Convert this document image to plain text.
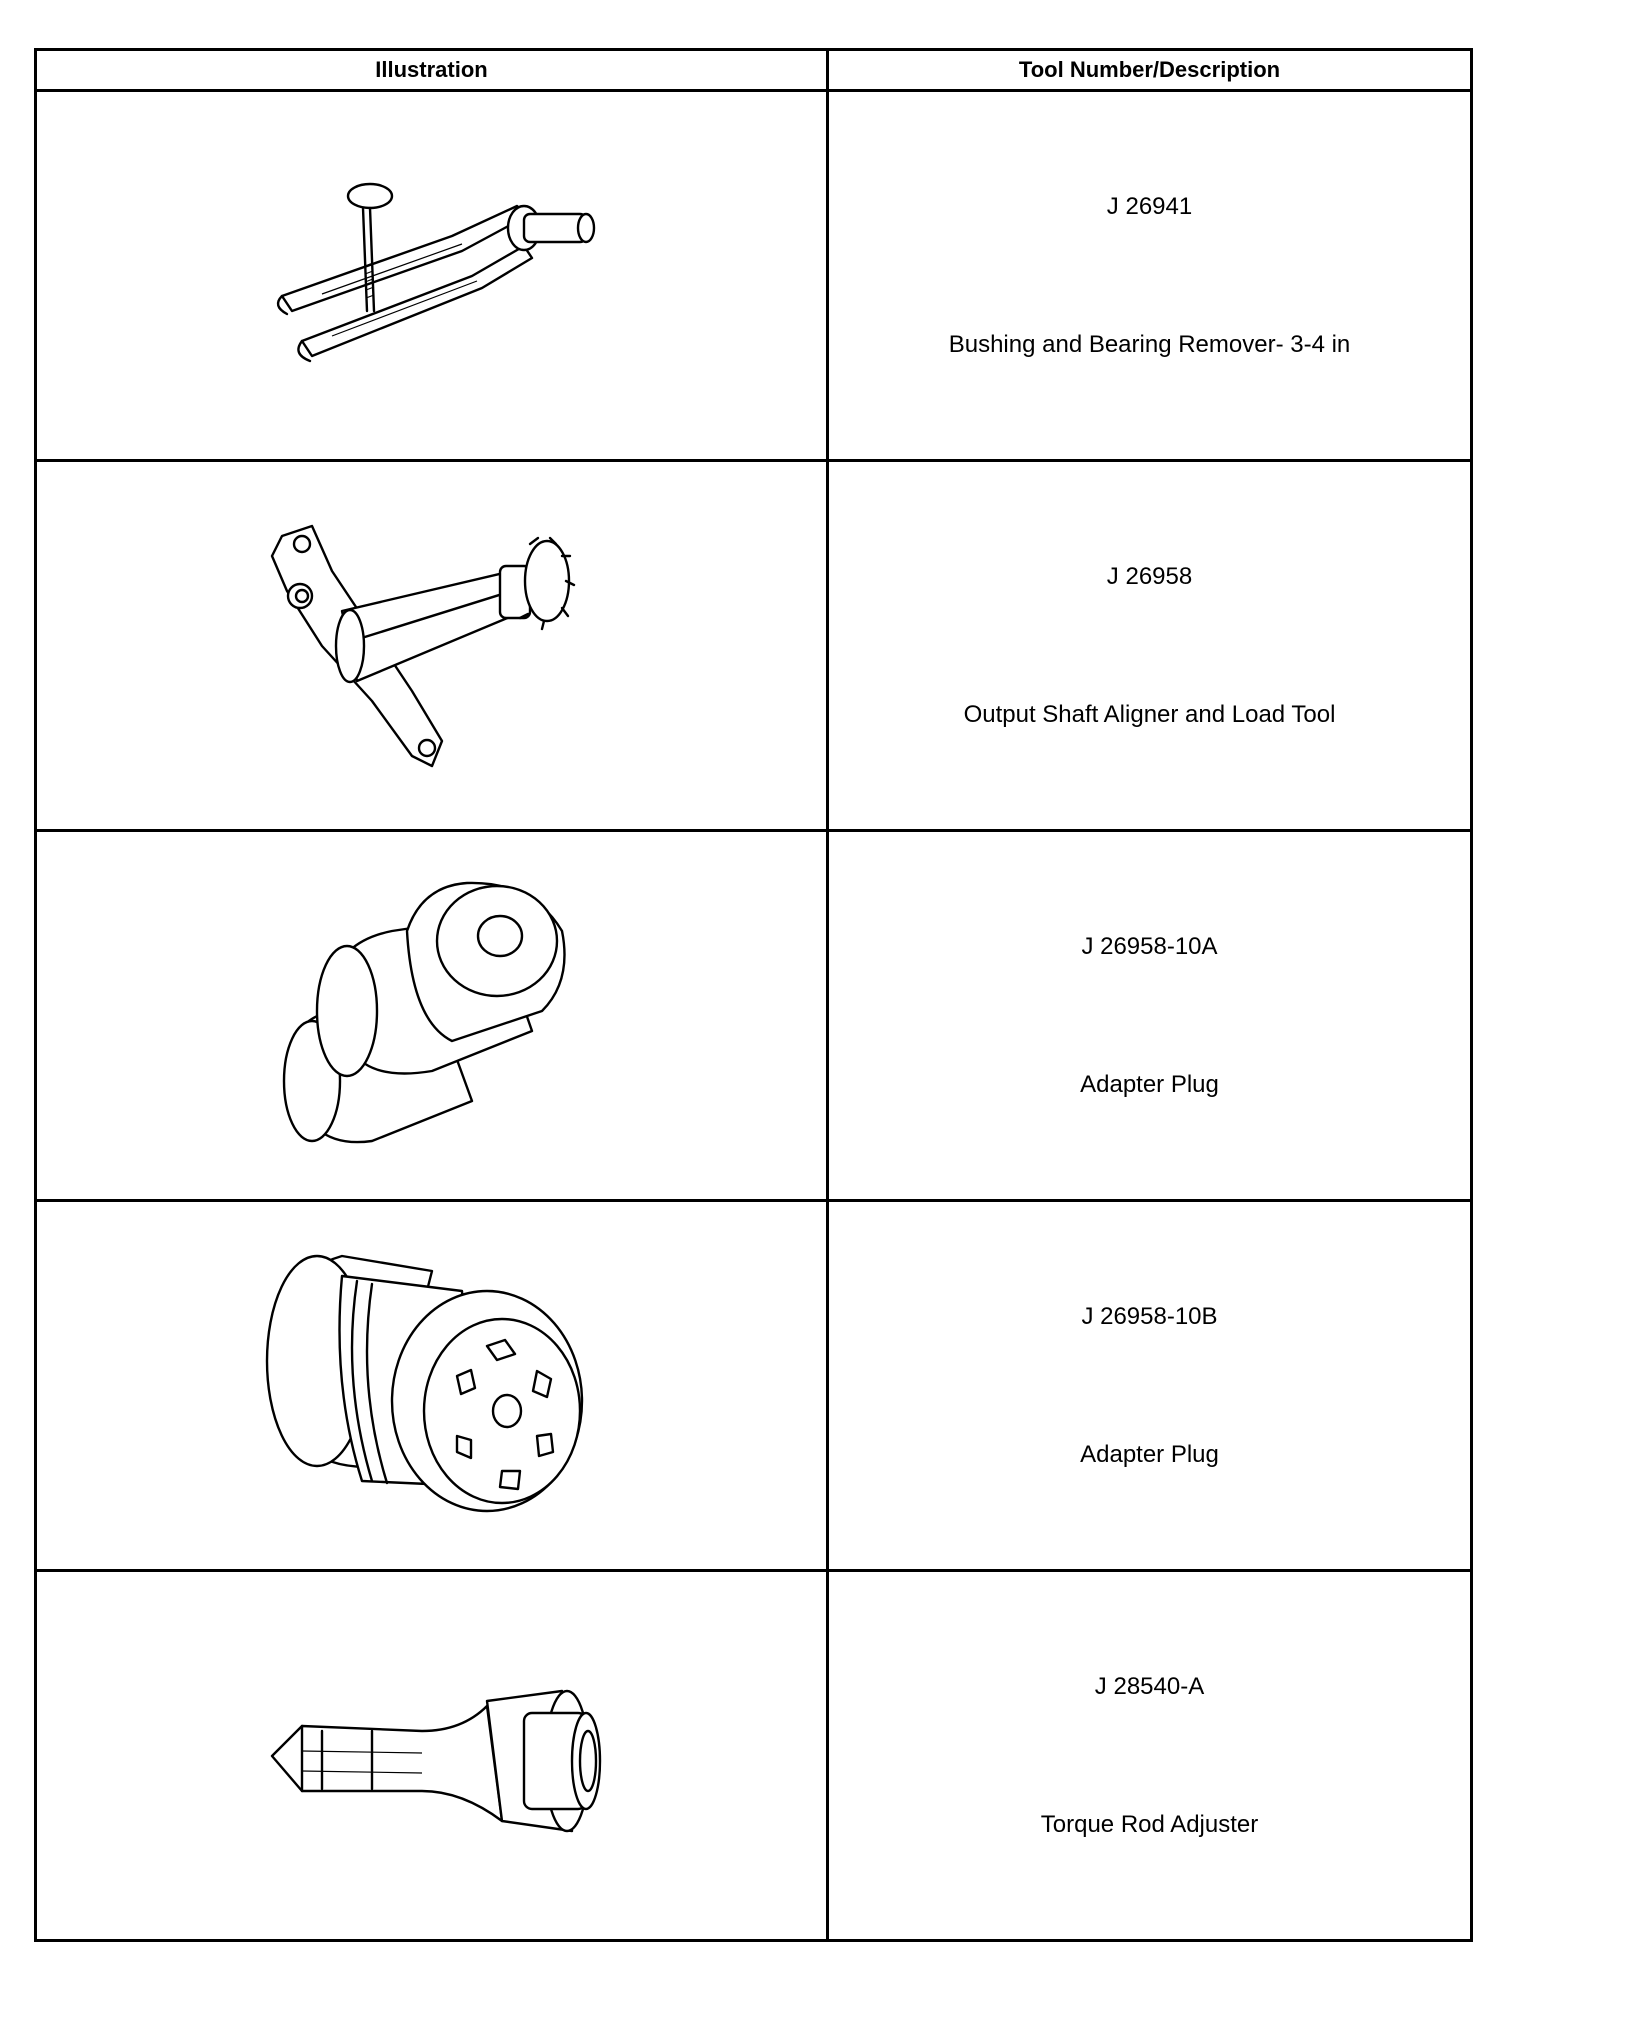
Illustration	Tool Number/Description

J 26941
Bushing and Bearing Remover- 3-4 in

J 26958
Output Shaft Aligner and Load Tool

J 26958-10A
Adapter Plug

J 26958-10B
Adapter Plug

J 28540-A
Torque Rod Adjuster
